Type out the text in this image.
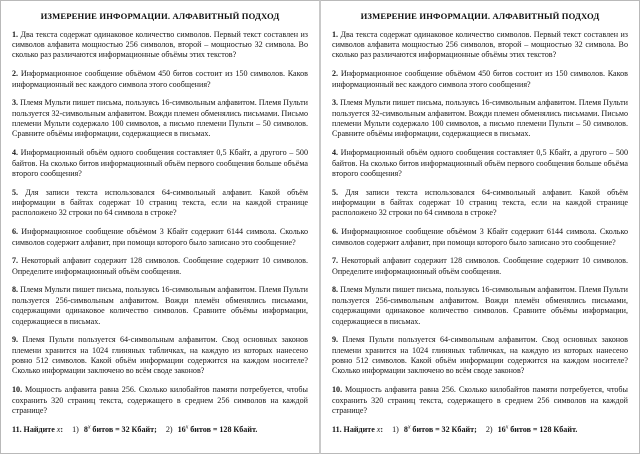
ИЗМЕРЕНИЕ ИНФОРМАЦИИ. АЛФАВИТНЫЙ ПОДХОД

1. Два текста содержат одинаковое количество символов. Первый текст составлен из символов алфавита мощностью 256 символов, второй – мощностью 32 символа. Во сколько раз различаются информационные объёмы этих текстов?

2. Информационное сообщение объёмом 450 битов состоит из 150 символов. Каков информационный вес каждого символа этого сообщения?

3. Племя Мульти пишет письма, пользуясь 16-символьным алфавитом. Племя Пульти пользуется 32-символьным алфавитом. Вожди племен обменялись письмами. Письмо племени Мульти содержало 100 символов, а письмо племени Пульти – 50 символов. Сравните объёмы информации, содержащиеся в письмах.

4. Информационный объём одного сообщения составляет 0,5 Кбайт, а другого – 500 байтов. На сколько битов информационный объём первого сообщения больше объёма второго сообщения?

5. Для записи текста использовался 64-символьный алфавит. Какой объём информации в байтах содержат 10 страниц текста, если на каждой странице расположено 32 строки по 64 символа в строке?

6. Информационное сообщение объёмом 3 Кбайт содержит 6144 символа. Сколько символов содержит алфавит, при помощи которого было записано это сообщение?

7. Некоторый алфавит содержит 128 символов. Сообщение содержит 10 символов. Определите информационный объём сообщения.

8. Племя Мульти пишет письма, пользуясь 16-символьным алфавитом. Племя Пульти пользуется 256-символьным алфавитом. Вожди племён обменялись письмами, содержащими одинаковое количество символов. Сравните объёмы информации, содержащиеся в письмах.

9. Племя Пульти пользуется 64-символьным алфавитом. Свод основных законов племени хранится на 1024 глиняных табличках, на каждую из которых нанесено ровно 512 символов. Какой объём информации содержится на каждом носителе? Сколько информации заключено во всём своде законов?

10. Мощность алфавита равна 256. Сколько килобайтов памяти потребуется, чтобы сохранить 320 страниц текста, содержащего в среднем 256 символов на каждой странице?

11. Найдите x: 1) 8$^x$ битов = 32 Кбайт; 2) 16$^x$ битов = 128 Кбайт.

ИЗМЕРЕНИЕ ИНФОРМАЦИИ. АЛФАВИТНЫЙ ПОДХОД

1. Два текста содержат одинаковое количество символов. Первый текст составлен из символов алфавита мощностью 256 символов, второй – мощностью 32 символа. Во сколько раз различаются информационные объёмы этих текстов?

2. Информационное сообщение объёмом 450 битов состоит из 150 символов. Каков информационный вес каждого символа этого сообщения?

3. Племя Мульти пишет письма, пользуясь 16-символьным алфавитом. Племя Пульти пользуется 32-символьным алфавитом. Вожди племен обменялись письмами. Письмо племени Мульти содержало 100 символов, а письмо племени Пульти – 50 символов. Сравните объёмы информации, содержащиеся в письмах.

4. Информационный объём одного сообщения составляет 0,5 Кбайт, а другого – 500 байтов. На сколько битов информационный объём первого сообщения больше объёма второго сообщения?

5. Для записи текста использовался 64-символьный алфавит. Какой объём информации в байтах содержат 10 страниц текста, если на каждой странице расположено 32 строки по 64 символа в строке?

6. Информационное сообщение объёмом 3 Кбайт содержит 6144 символа. Сколько символов содержит алфавит, при помощи которого было записано это сообщение?

7. Некоторый алфавит содержит 128 символов. Сообщение содержит 10 символов. Определите информационный объём сообщения.

8. Племя Мульти пишет письма, пользуясь 16-символьным алфавитом. Племя Пульти пользуется 256-символьным алфавитом. Вожди племён обменялись письмами, содержащими одинаковое количество символов. Сравните объёмы информации, содержащиеся в письмах.

9. Племя Пульти пользуется 64-символьным алфавитом. Свод основных законов племени хранится на 1024 глиняных табличках, на каждую из которых нанесено ровно 512 символов. Какой объём информации содержится на каждом носителе? Сколько информации заключено во всём своде законов?

10. Мощность алфавита равна 256. Сколько килобайтов памяти потребуется, чтобы сохранить 320 страниц текста, содержащего в среднем 256 символов на каждой странице?

11. Найдите x: 1) 8$^x$ битов = 32 Кбайт; 2) 16$^x$ битов = 128 Кбайт.
